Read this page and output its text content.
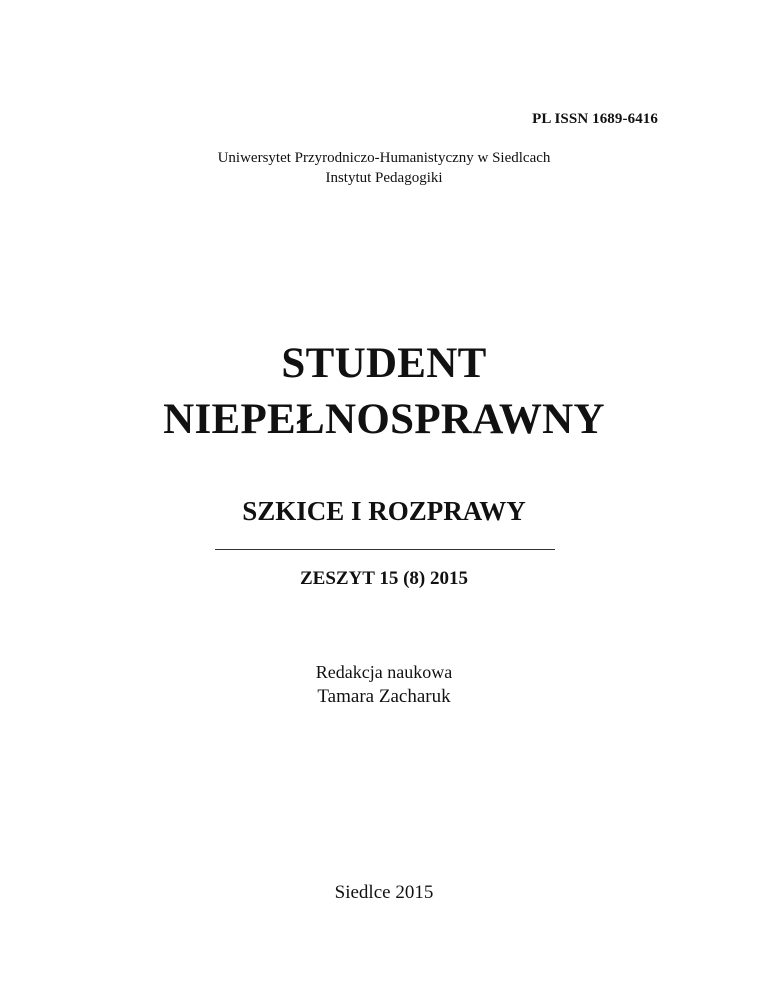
PL ISSN 1689-6416
Uniwersytet Przyrodniczo-Humanistyczny w Siedlcach
Instytut Pedagogiki
STUDENT
NIEPEŁNOSPRAWNY
SZKICE I ROZPRAWY
ZESZYT 15 (8) 2015
Redakcja naukowa
Tamara Zacharuk
Siedlce 2015
